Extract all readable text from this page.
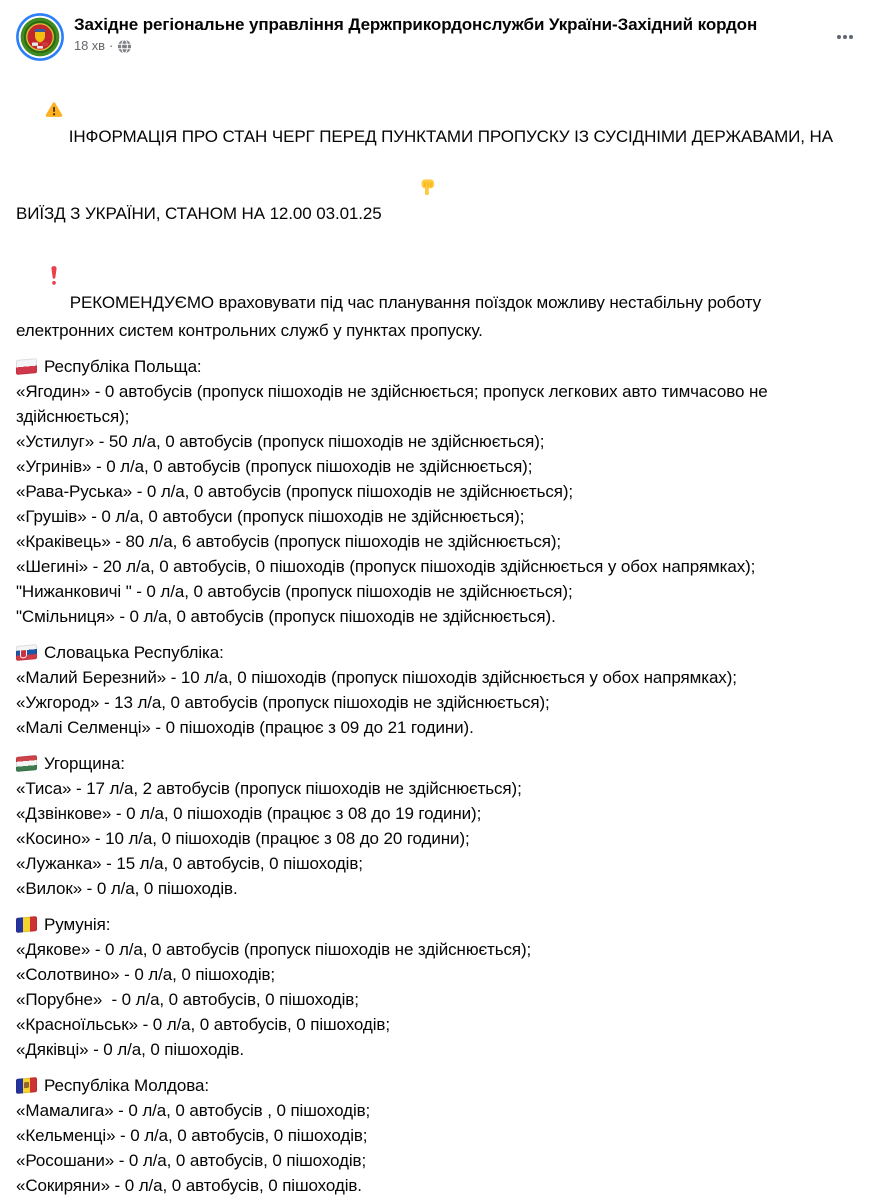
Західне регіональне управління Держприкордонслужби України-Західний кордон
18 хв ·

ІНФОРМАЦІЯ ПРО СТАН ЧЕРГ ПЕРЕД ПУНКТАМИ ПРОПУСКУ ІЗ СУСІДНІМИ ДЕРЖАВАМИ, НА ВИЇЗД З УКРАЇНИ, СТАНОМ НА 12.00 03.01.25

РЕКОМЕНДУЄМО враховувати під час планування поїздок можливу нестабільну роботу електронних систем контрольних служб у пунктах пропуску.
Республіка Польща:
«Ягодин» - 0 автобусів (пропуск пішоходів не здійснюється; пропуск легкових авто тимчасово не здійснюється);
«Устилуг» - 50 л/а, 0 автобусів (пропуск пішоходів не здійснюється);
«Угринів» - 0 л/а, 0 автобусів (пропуск пішоходів не здійснюється);
«Рава-Руська» - 0 л/а, 0 автобусів (пропуск пішоходів не здійснюється);
«Грушів» - 0 л/а, 0 автобуси (пропуск пішоходів не здійснюється);
«Краківець» - 80 л/а, 6 автобусів (пропуск пішоходів не здійснюється);
«Шегині» - 20 л/а, 0 автобусів, 0 пішоходів (пропуск пішоходів здійснюється у обох напрямках);
"Нижанковичі " - 0 л/а, 0 автобусів (пропуск пішоходів не здійснюється);
"Смільниця» - 0 л/а, 0 автобусів (пропуск пішоходів не здійснюється).
Словацька Республіка:
«Малий Березний» - 10 л/а, 0 пішоходів (пропуск пішоходів здійснюється у обох напрямках);
«Ужгород» - 13 л/а, 0 автобусів (пропуск пішоходів не здійснюється);
«Малі Селменці» - 0 пішоходів (працює з 09 до 21 години).
Угорщина:
«Тиса» - 17 л/а, 2 автобусів (пропуск пішоходів не здійснюється);
«Дзвінкове» - 0 л/а, 0 пішоходів (працює з 08 до 19 години);
«Косино» - 10 л/а, 0 пішоходів (працює з 08 до 20 години);
«Лужанка» - 15 л/а, 0 автобусів, 0 пішоходів;
«Вилок» - 0 л/а, 0 пішоходів.
Румунія:
«Дякове» - 0 л/а, 0 автобусів (пропуск пішоходів не здійснюється);
«Солотвино» - 0 л/а, 0 пішоходів;
«Порубне»  - 0 л/а, 0 автобусів, 0 пішоходів;
«Красноїльськ» - 0 л/а, 0 автобусів, 0 пішоходів;
«Дяківці» - 0 л/а, 0 пішоходів.
Республіка Молдова:
«Мамалига» - 0 л/а, 0 автобусів , 0 пішоходів;
«Кельменці» - 0 л/а, 0 автобусів, 0 пішоходів;
«Росошани» - 0 л/а, 0 автобусів, 0 пішоходів;
«Сокиряни» - 0 л/а, 0 автобусів, 0 пішоходів.
